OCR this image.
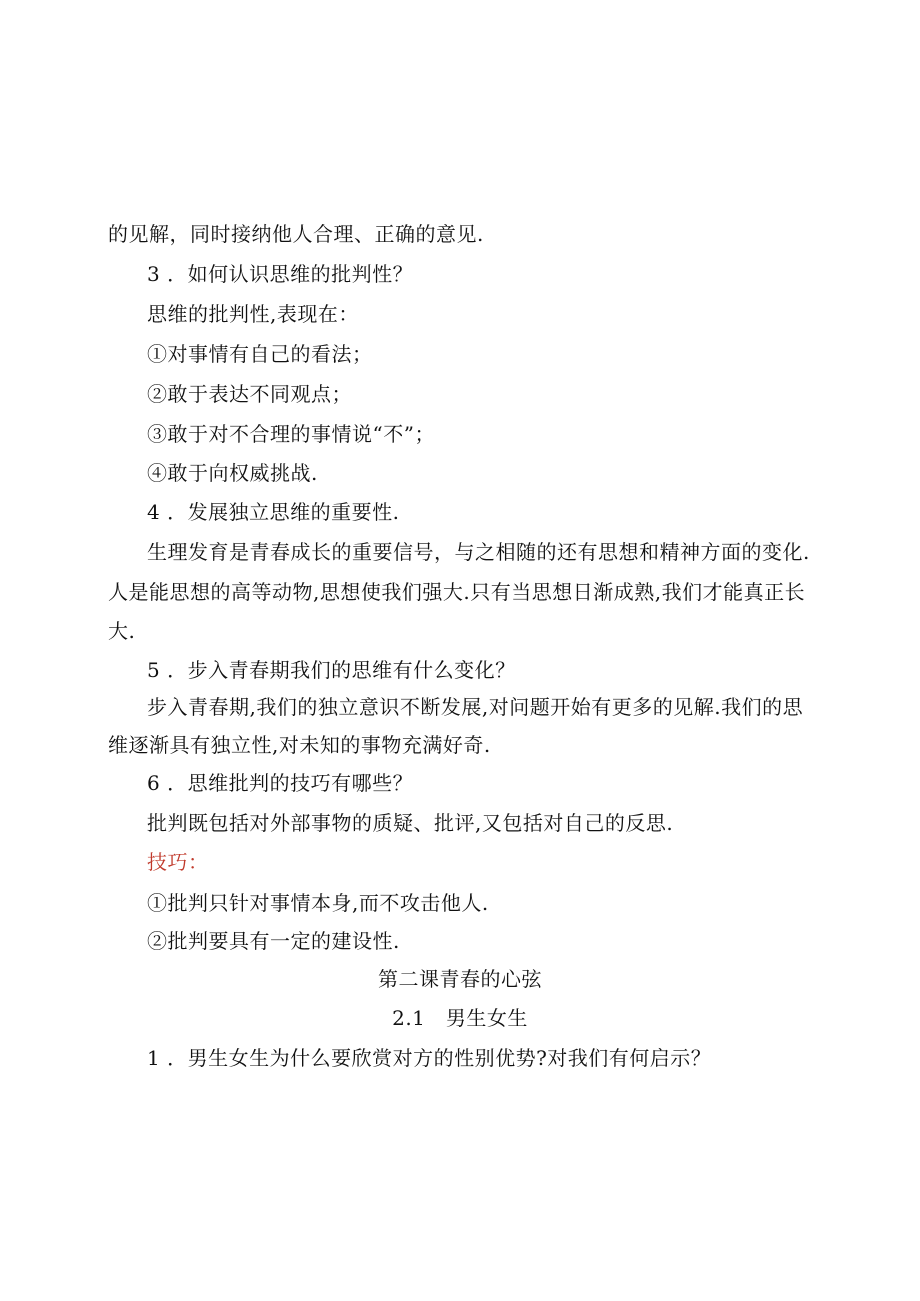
的见解，同时接纳他人合理、正确的意见.
3 ．如何认识思维的批判性？
思维的批判性,表现在：
①对事情有自己的看法；
②敢于表达不同观点；
③敢于对不合理的事情说“不”；
④敢于向权威挑战.
4 ．发展独立思维的重要性.
生理发育是青春成长的重要信号，与之相随的还有思想和精神方面的变化.
人是能思想的高等动物,思想使我们强大.只有当思想日渐成熟,我们才能真正长
大.
5 ．步入青春期我们的思维有什么变化？
步入青春期,我们的独立意识不断发展,对问题开始有更多的见解.我们的思
维逐渐具有独立性,对未知的事物充满好奇.
6 ．思维批判的技巧有哪些？
批判既包括对外部事物的质疑、批评,又包括对自己的反思.
技巧：
①批判只针对事情本身,而不攻击他人.
②批判要具有一定的建设性.
第二课青春的心弦
2.1　男生女生
1 ．男生女生为什么要欣赏对方的性别优势?对我们有何启示？
